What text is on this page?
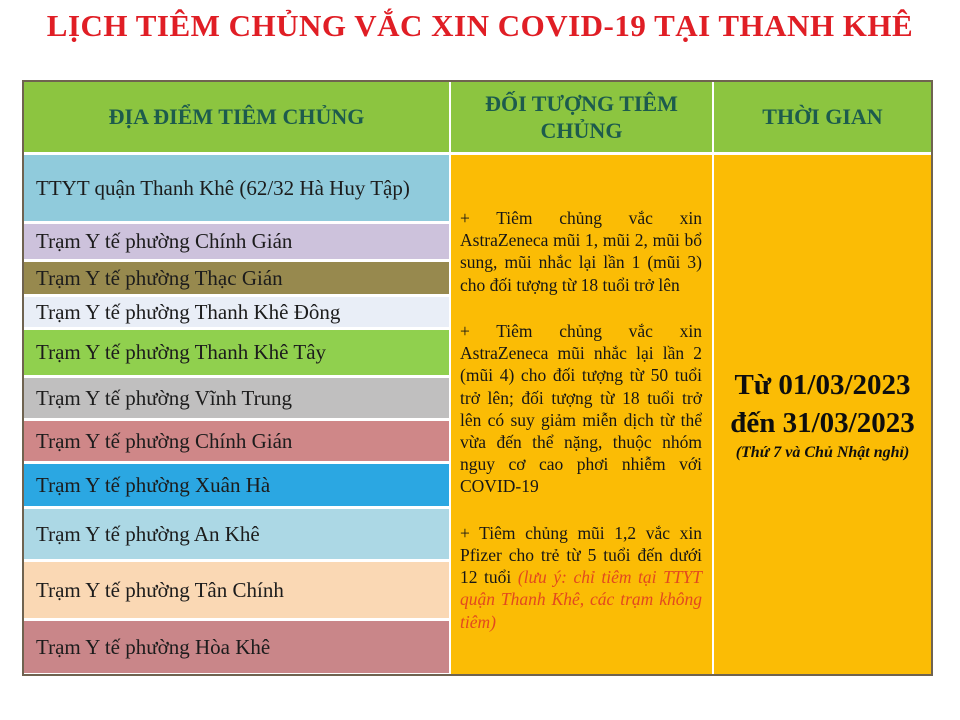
LỊCH TIÊM CHỦNG VẮC XIN COVID-19 TẠI THANH KHÊ
ĐỊA ĐIỂM TIÊM CHỦNG
TTYT quận Thanh Khê (62/32 Hà Huy Tập)
Trạm Y tế phường Chính Gián
Trạm Y tế phường Thạc Gián
Trạm Y tế phường Thanh Khê Đông
Trạm Y tế phường Thanh Khê Tây
Trạm Y tế phường Vĩnh Trung
Trạm Y tế phường Chính Gián
Trạm Y tế phường Xuân Hà
Trạm Y tế phường An Khê
Trạm Y tế phường Tân Chính
Trạm Y tế phường Hòa Khê
ĐỐI TƯỢNG TIÊM CHỦNG

+ Tiêm chủng vắc xin AstraZeneca mũi 1, mũi 2, mũi bổ sung, mũi nhắc lại lần 1 (mũi 3) cho đối tượng từ 18 tuổi trở lên

+ Tiêm chủng vắc xin AstraZeneca mũi nhắc lại lần 2 (mũi 4) cho đối tượng từ 50 tuổi trở lên; đối tượng từ 18 tuổi trở lên có suy giảm miễn dịch từ thể vừa đến thể nặng, thuộc nhóm nguy cơ cao phơi nhiễm với COVID-19

+ Tiêm chủng mũi 1,2 vắc xin Pfizer cho trẻ từ 5 tuổi đến dưới 12 tuổi (lưu ý: chỉ tiêm tại TTYT quận Thanh Khê, các trạm không tiêm)

THỜI GIAN
Từ 01/03/2023
đến 31/03/2023
(Thứ 7 và Chủ Nhật nghỉ)
